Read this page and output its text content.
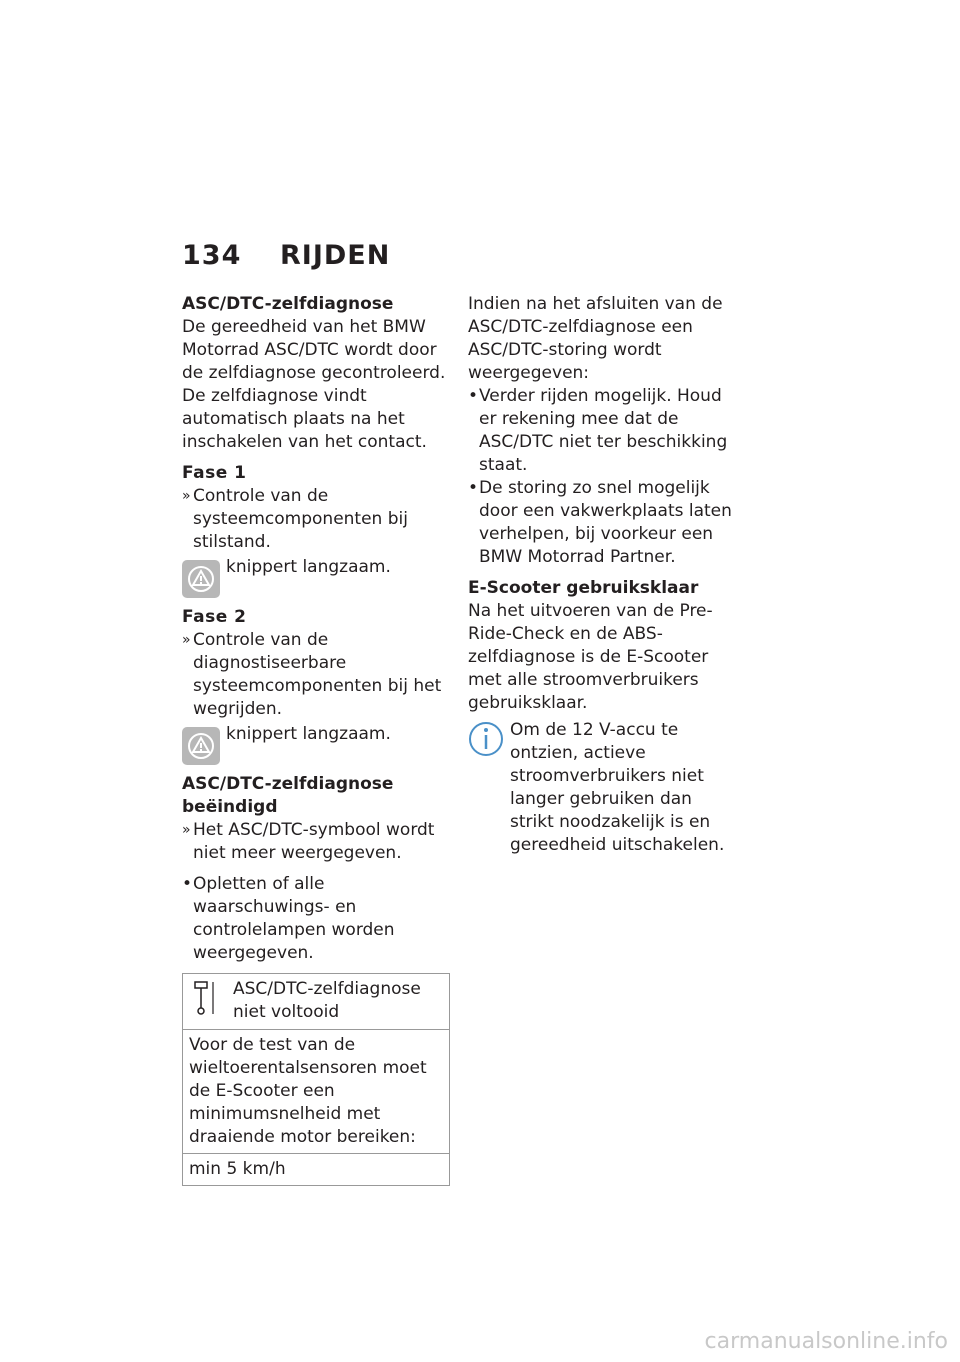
134 RIJDEN
ASC/DTC-zelfdiagnose

De gereedheid van het BMW Motorrad ASC/DTC wordt door de zelfdiagnose gecontroleerd. De zelfdiagnose vindt automatisch plaats na het inschakelen van het contact.

Fase 1
» Controle van de systeemcomponenten bij stilstand.
knippert langzaam.
Fase 2
» Controle van de diagnostiseerbare systeemcomponenten bij het wegrijden.
knippert langzaam.
ASC/DTC-zelfdiagnose beëindigd
» Het ASC/DTC-symbool wordt niet meer weergegeven.
• Opletten of alle waarschuwings- en controlelampen worden weergegeven.
ASC/DTC-zelfdiagnose niet voltooid
Voor de test van de wieltoerentalsensoren moet de E-Scooter een minimumsnelheid met draaiende motor bereiken:
min 5 km/h

Indien na het afsluiten van de ASC/DTC-zelfdiagnose een ASC/DTC-storing wordt weergegeven:

• Verder rijden mogelijk. Houd er rekening mee dat de ASC/DTC niet ter beschikking staat.
• De storing zo snel mogelijk door een vakwerkplaats laten verhelpen, bij voorkeur een BMW Motorrad Partner.
E-Scooter gebruiksklaar

Na het uitvoeren van de Pre-Ride-Check en de ABS-zelfdiagnose is de E-Scooter met alle stroomverbruikers gebruiksklaar.

Om de 12 V-accu te ontzien, actieve stroomverbruikers niet langer gebruiken dan strikt noodzakelijk is en gereedheid uitschakelen.
carmanualsonline.info
